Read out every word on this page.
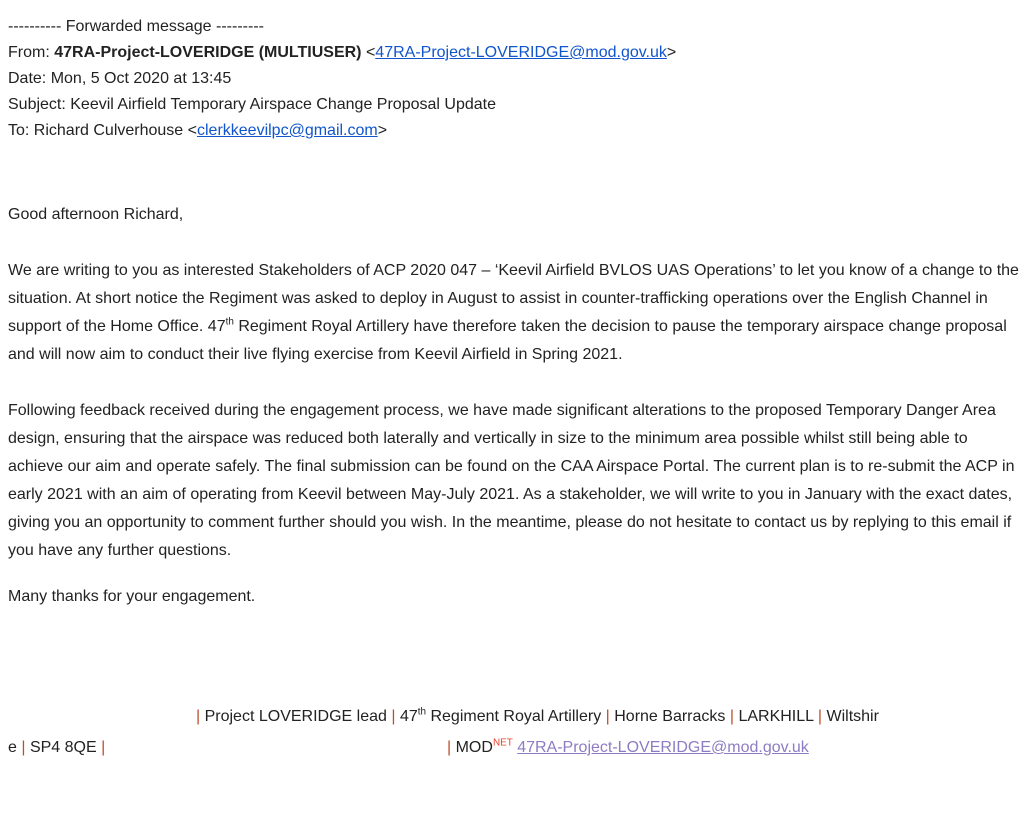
---------- Forwarded message ---------
From: 47RA-Project-LOVERIDGE (MULTIUSER) <47RA-Project-LOVERIDGE@mod.gov.uk>
Date: Mon, 5 Oct 2020 at 13:45
Subject: Keevil Airfield Temporary Airspace Change Proposal Update
To: Richard Culverhouse <clerkkeevilpc@gmail.com>
Good afternoon Richard,

We are writing to you as interested Stakeholders of ACP 2020 047 – ‘Keevil Airfield BVLOS UAS Operations’ to let you know of a change to the situation. At short notice the Regiment was asked to deploy in August to assist in counter-trafficking operations over the English Channel in support of the Home Office. 47th Regiment Royal Artillery have therefore taken the decision to pause the temporary airspace change proposal and will now aim to conduct their live flying exercise from Keevil Airfield in Spring 2021.

Following feedback received during the engagement process, we have made significant alterations to the proposed Temporary Danger Area design, ensuring that the airspace was reduced both laterally and vertically in size to the minimum area possible whilst still being able to achieve our aim and operate safely. The final submission can be found on the CAA Airspace Portal. The current plan is to re-submit the ACP in early 2021 with an aim of operating from Keevil between May-July 2021. As a stakeholder, we will write to you in January with the exact dates, giving you an opportunity to comment further should you wish. In the meantime, please do not hesitate to contact us by replying to this email if you have any further questions.

Many thanks for your engagement.

| Project LOVERIDGE lead | 47th Regiment Royal Artillery | Horne Barracks | LARKHILL | Wiltshir
e | SP4 8QE |	| $MOD^{NET}$ 47RA-Project-LOVERIDGE@mod.gov.uk
